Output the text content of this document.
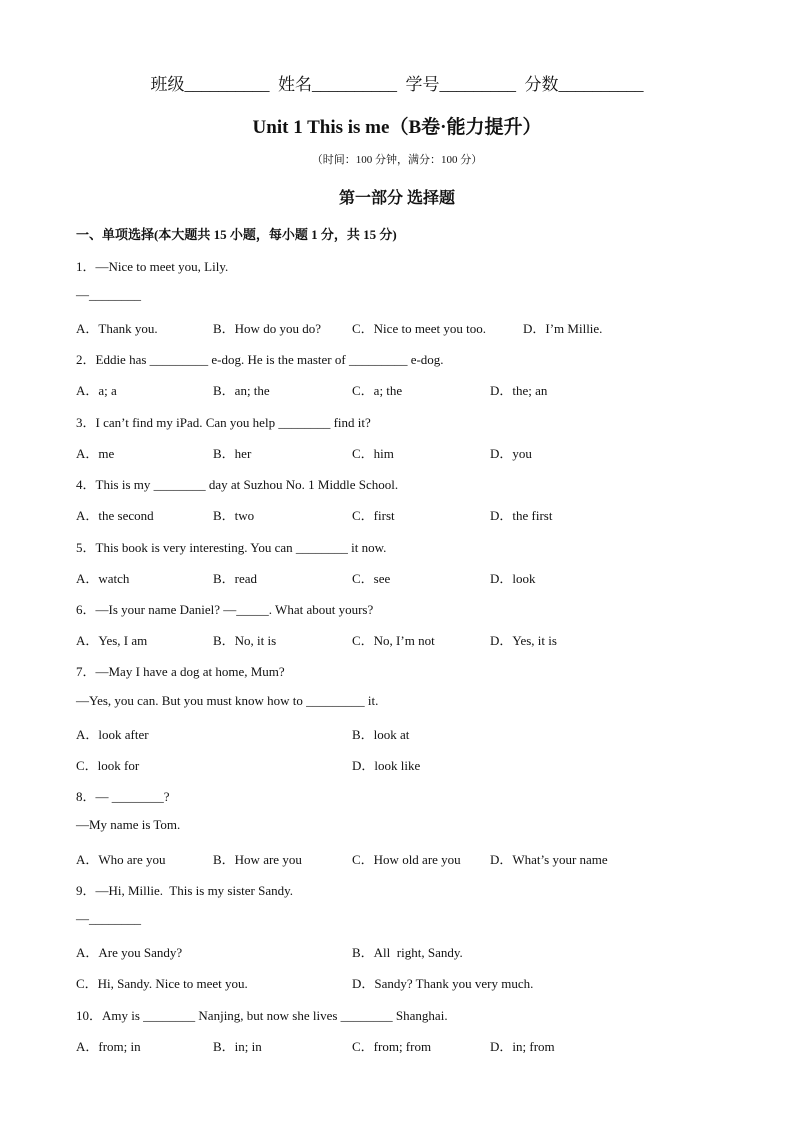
班级__________  姓名__________  学号_________  分数__________
Unit 1 This is me（B卷·能力提升）
（时间：100 分钟，满分：100 分）
第一部分 选择题
一、单项选择(本大题共 15 小题，每小题 1 分，共 15 分)
1．—Nice to meet you, Lily.
—________
A．Thank you.	B．How do you do? C．Nice to meet you too.	D．I’m Millie.
2．Eddie has _________ e-dog. He is the master of _________ e-dog.
A．a; a	B．an; the	C．a; the	D．the; an
3．I can’t find my iPad. Can you help ________ find it?
A．me	B．her	C．him	D．you
4．This is my ________ day at Suzhou No. 1 Middle School.
A．the second	B．two	C．first	D．the first
5．This book is very interesting. You can ________ it now.
A．watch	B．read	C．see	D．look
6．—Is your name Daniel? —_____. What about yours?
A．Yes, I am	B．No, it is	C．No, I’m not	D．Yes, it is
7．—May I have a dog at home, Mum?
—Yes, you can. But you must know how to _________ it.
A．look after	B．look at
C．look for	D．look like
8．— ________?
—My name is Tom.
A．Who are you	B．How are you	C．How old are you D．What’s your name
9．—Hi, Millie.  This is my sister Sandy.
—________
A．Are you Sandy?	B．All  right, Sandy.
C．Hi, Sandy. Nice to meet you.	D．Sandy? Thank you very much.
10．Amy is ________ Nanjing, but now she lives ________ Shanghai.
A．from; in	B．in; in	C．from; from	D．in; from
